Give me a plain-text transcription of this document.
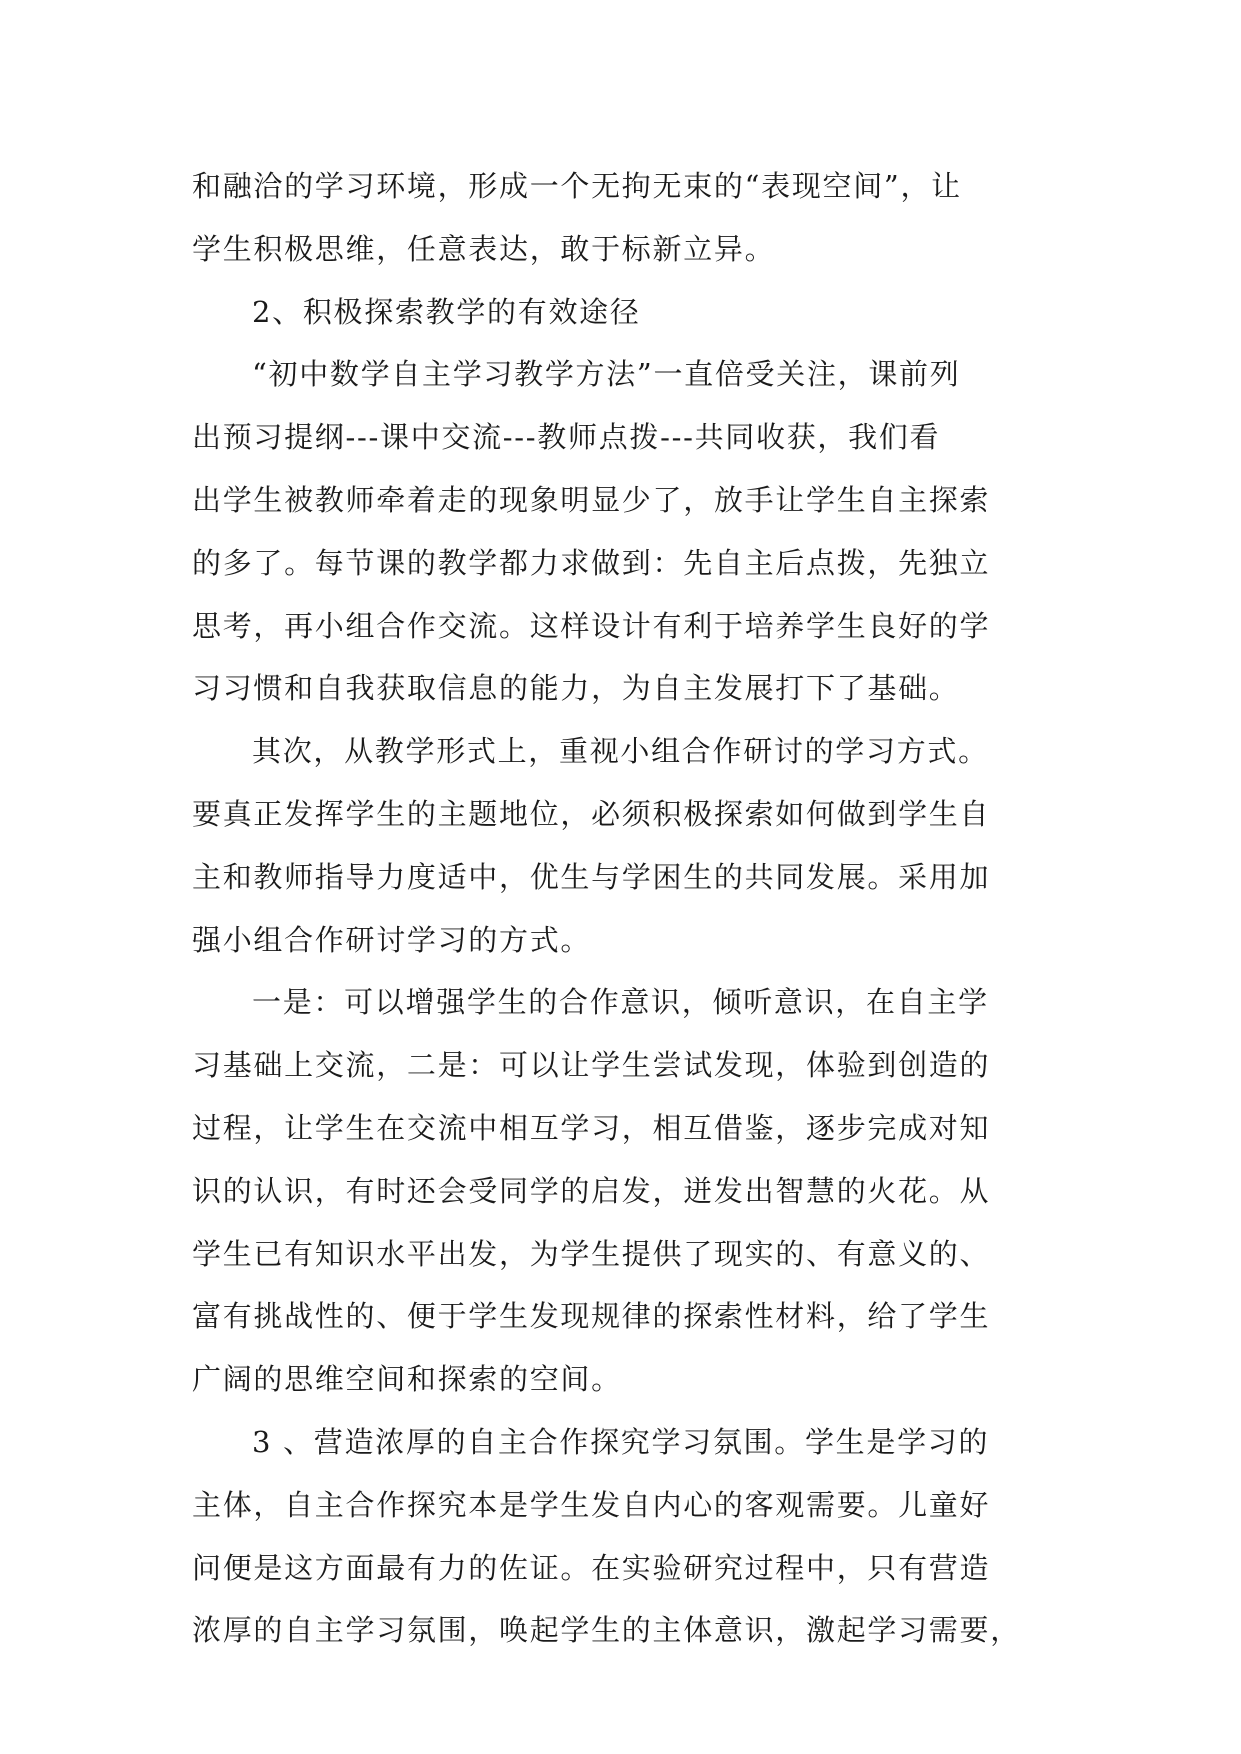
和融洽的学习环境，形成一个无拘无束的“表现空间”，让
学生积极思维，任意表达，敢于标新立异。
2、积极探索教学的有效途径
“初中数学自主学习教学方法”一直倍受关注，课前列
出预习提纲---课中交流---教师点拨---共同收获，我们看
出学生被教师牵着走的现象明显少了，放手让学生自主探索
的多了。每节课的教学都力求做到：先自主后点拨，先独立
思考，再小组合作交流。这样设计有利于培养学生良好的学
习习惯和自我获取信息的能力，为自主发展打下了基础。
其次，从教学形式上，重视小组合作研讨的学习方式。
要真正发挥学生的主题地位，必须积极探索如何做到学生自
主和教师指导力度适中，优生与学困生的共同发展。采用加
强小组合作研讨学习的方式。
一是：可以增强学生的合作意识，倾听意识，在自主学
习基础上交流，二是：可以让学生尝试发现，体验到创造的
过程，让学生在交流中相互学习，相互借鉴，逐步完成对知
识的认识，有时还会受同学的启发，迸发出智慧的火花。从
学生已有知识水平出发，为学生提供了现实的、有意义的、
富有挑战性的、便于学生发现规律的探索性材料，给了学生
广阔的思维空间和探索的空间。
3 、营造浓厚的自主合作探究学习氛围。学生是学习的
主体，自主合作探究本是学生发自内心的客观需要。儿童好
问便是这方面最有力的佐证。在实验研究过程中，只有营造
浓厚的自主学习氛围，唤起学生的主体意识，激起学习需要，
